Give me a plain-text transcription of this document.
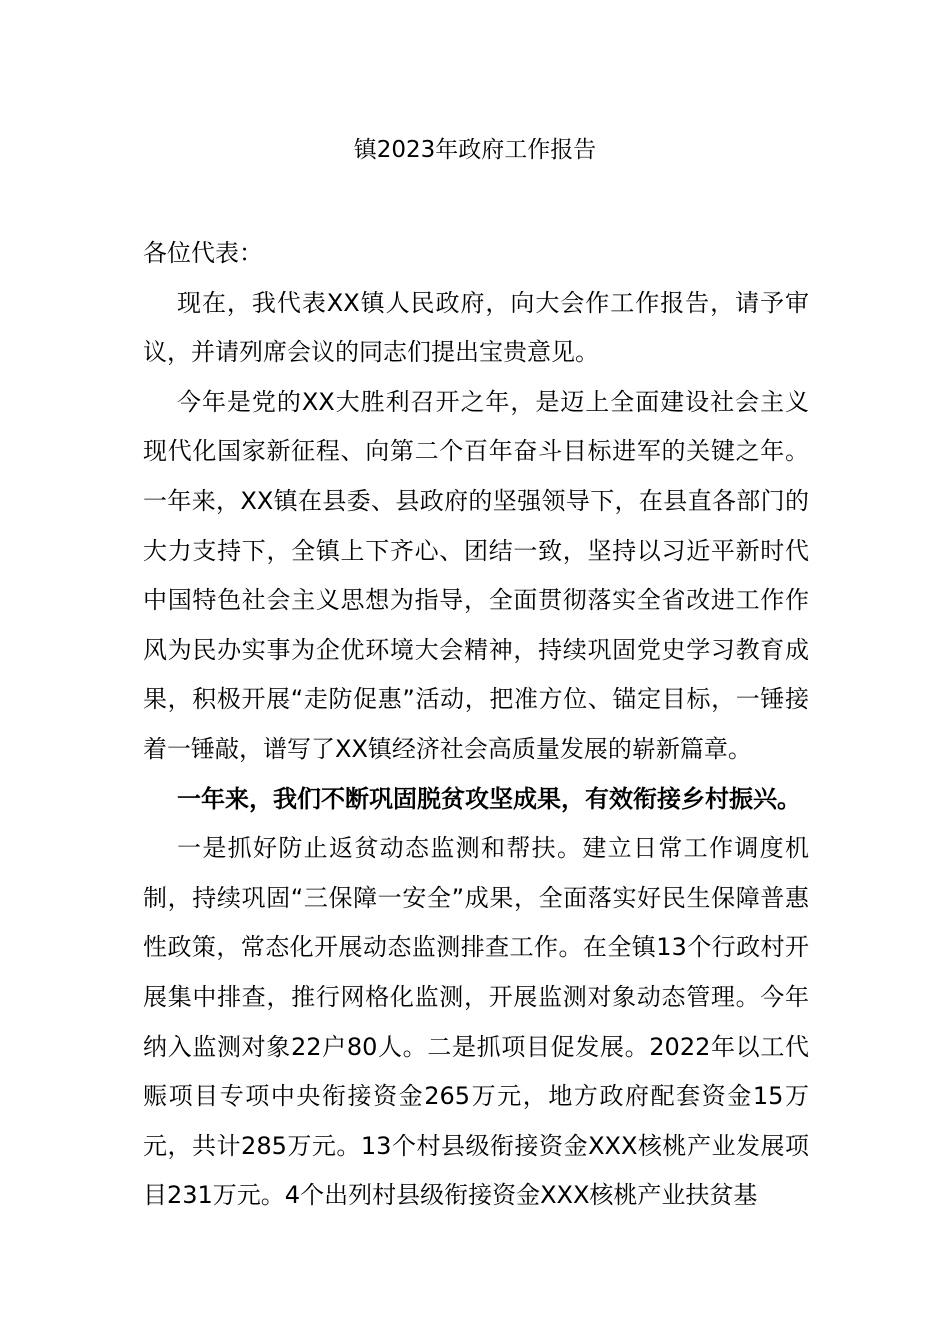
镇2023年政府工作报告

各位代表：

现在，我代表XX镇人民政府，向大会作工作报告，请予审议，并请列席会议的同志们提出宝贵意见。

今年是党的XX大胜利召开之年，是迈上全面建设社会主义现代化国家新征程、向第二个百年奋斗目标进军的关键之年。一年来，XX镇在县委、县政府的坚强领导下，在县直各部门的大力支持下，全镇上下齐心、团结一致，坚持以习近平新时代中国特色社会主义思想为指导，全面贯彻落实全省改进工作作风为民办实事为企优环境大会精神，持续巩固党史学习教育成果，积极开展“走防促惠”活动，把准方位、锚定目标，一锤接着一锤敲，谱写了XX镇经济社会高质量发展的崭新篇章。

一年来，我们不断巩固脱贫攻坚成果，有效衔接乡村振兴。

一是抓好防止返贫动态监测和帮扶。建立日常工作调度机制，持续巩固“三保障一安全”成果，全面落实好民生保障普惠性政策，常态化开展动态监测排查工作。在全镇13个行政村开展集中排查，推行网格化监测，开展监测对象动态管理。今年纳入监测对象22户80人。二是抓项目促发展。2022年以工代赈项目专项中央衔接资金265万元，地方政府配套资金15万元，共计285万元。13个村县级衔接资金XXX核桃产业发展项目231万元。4个出列村县级衔接资金XXX核桃产业扶贫基
